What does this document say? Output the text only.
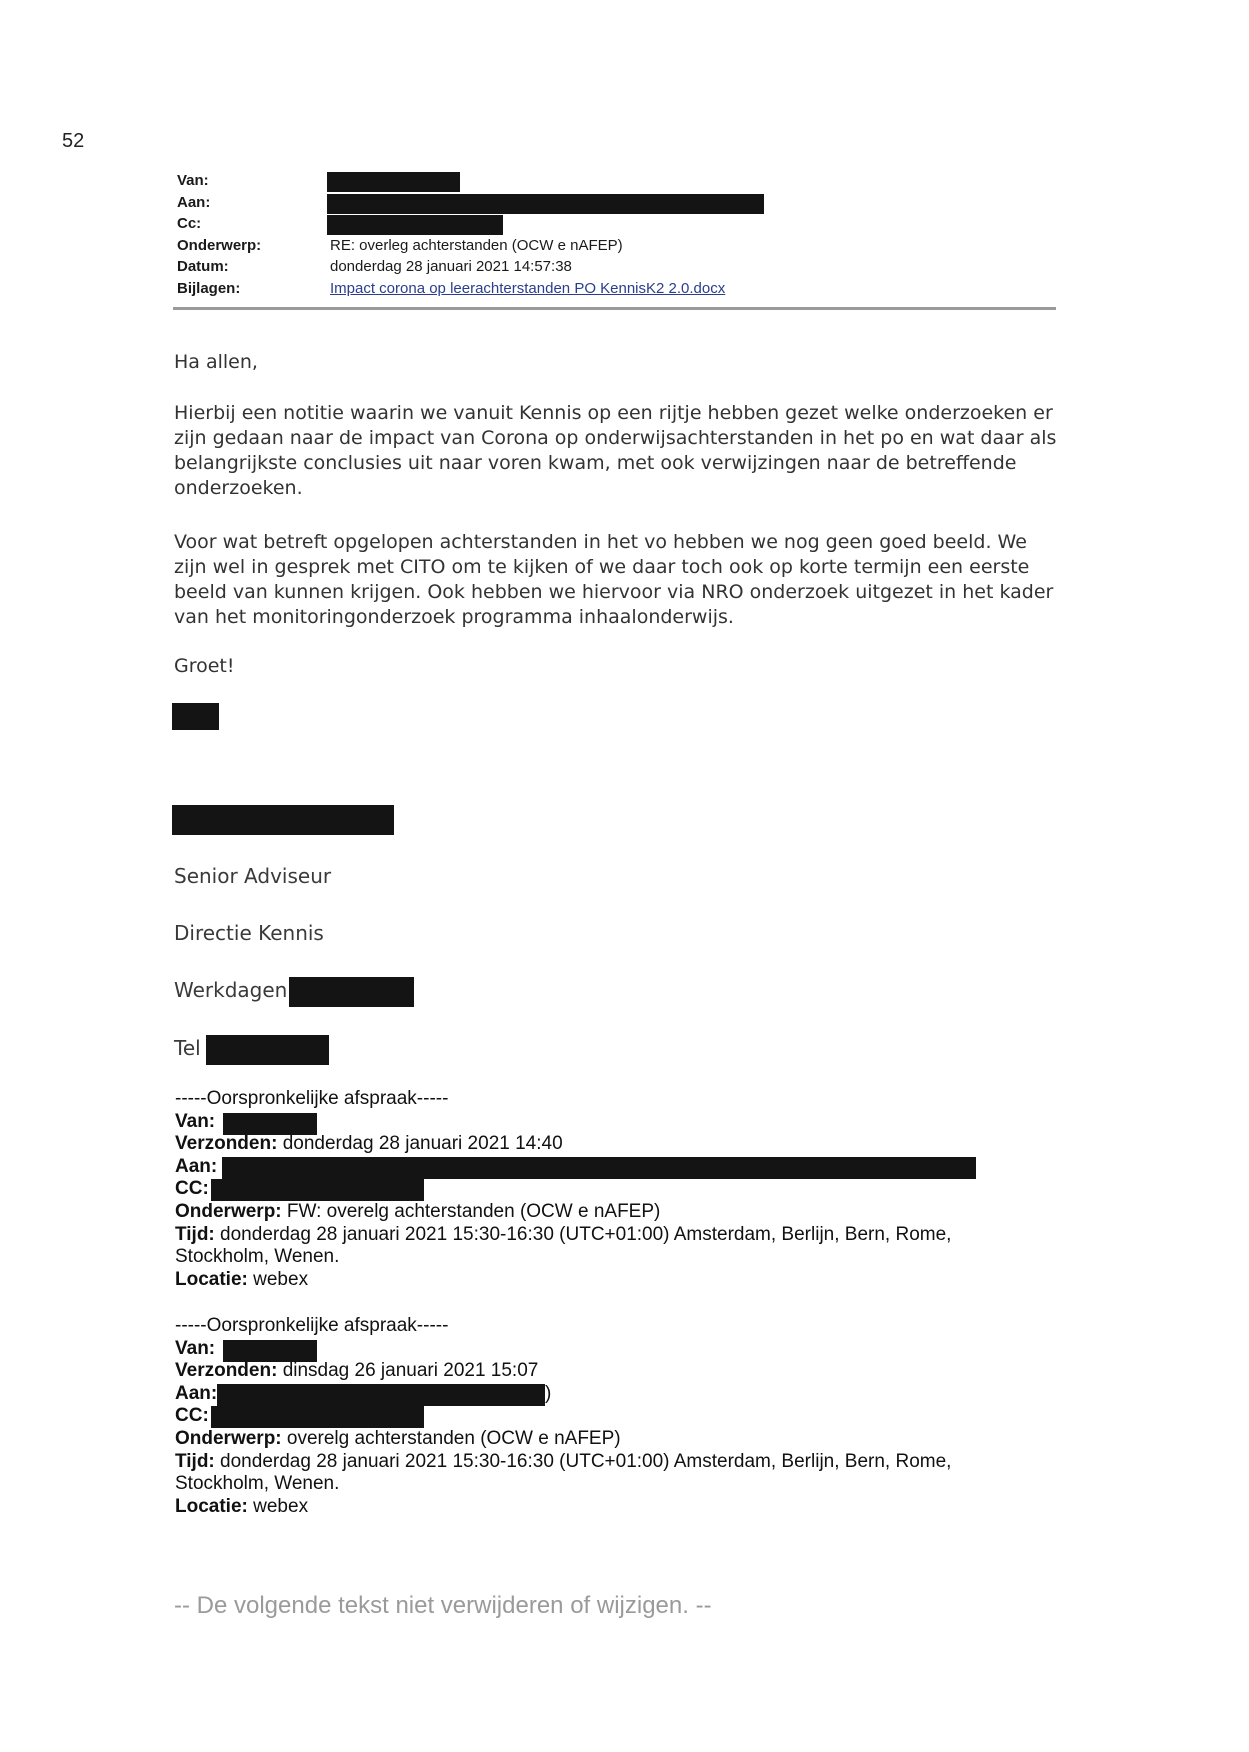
52
Van:
Aan:
Cc:
Onderwerp:	RE: overleg achterstanden (OCW e nAFEP)
Datum:	donderdag 28 januari 2021 14:57:38
Bijlagen:	Impact corona op leerachterstanden PO KennisK2 2.0.docx
Ha allen,
Hierbij een notitie waarin we vanuit Kennis op een rijtje hebben gezet welke onderzoeken er zijn gedaan naar de impact van Corona op onderwijsachterstanden in het po en wat daar als belangrijkste conclusies uit naar voren kwam, met ook verwijzingen naar de betreffende onderzoeken.
Voor wat betreft opgelopen achterstanden in het vo hebben we nog geen goed beeld. We zijn wel in gesprek met CITO om te kijken of we daar toch ook op korte termijn een eerste beeld van kunnen krijgen. Ook hebben we hiervoor via NRO onderzoek uitgezet in het kader van het monitoringonderzoek programma inhaalonderwijs.
Groet!
Senior Adviseur
Directie Kennis
Werkdagen
Tel
-----Oorspronkelijke afspraak-----
Van:
Verzonden: donderdag 28 januari 2021 14:40
Aan:
CC:
Onderwerp: FW: overelg achterstanden (OCW e nAFEP)
Tijd: donderdag 28 januari 2021 15:30-16:30 (UTC+01:00) Amsterdam, Berlijn, Bern, Rome, Stockholm, Wenen.
Locatie: webex
-----Oorspronkelijke afspraak-----
Van:
Verzonden: dinsdag 26 januari 2021 15:07
Aan:	)
CC:
Onderwerp: overelg achterstanden (OCW e nAFEP)
Tijd: donderdag 28 januari 2021 15:30-16:30 (UTC+01:00) Amsterdam, Berlijn, Bern, Rome, Stockholm, Wenen.
Locatie: webex
-- De volgende tekst niet verwijderen of wijzigen. --
